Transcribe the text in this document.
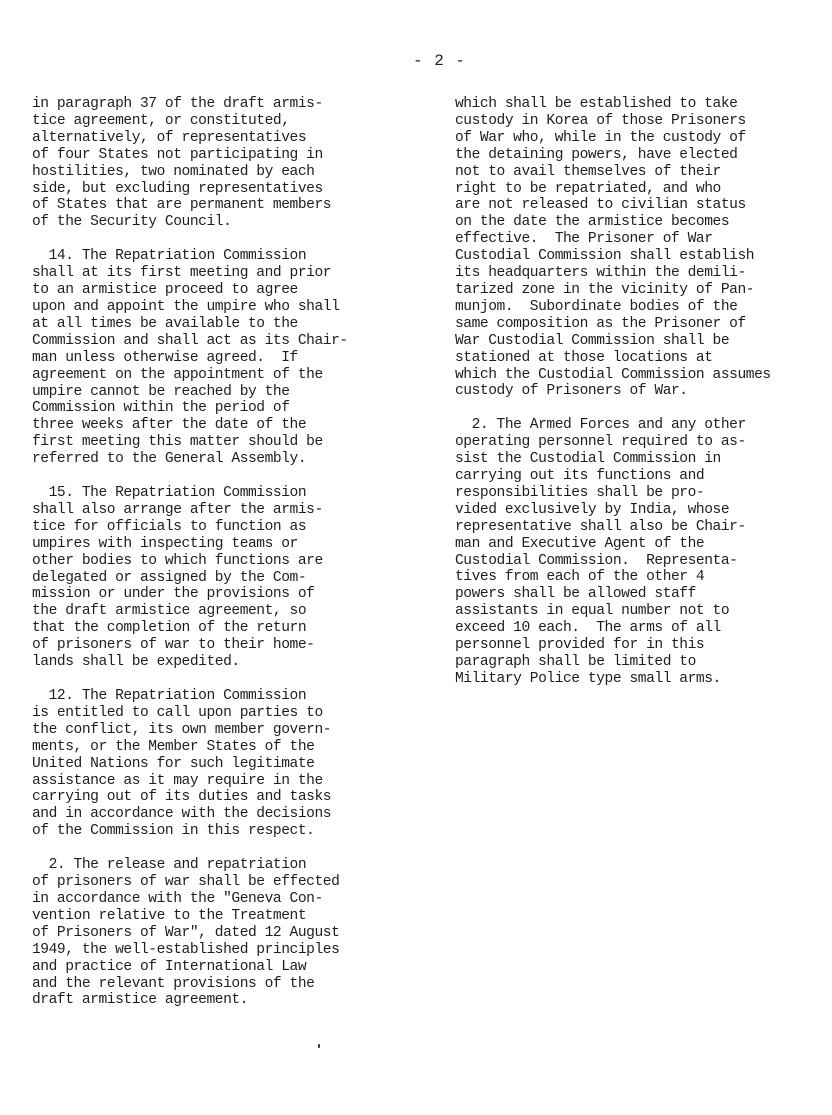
- 2 -

in paragraph 37 of the draft armis-
tice agreement, or constituted,
alternatively, of representatives
of four States not participating in
hostilities, two nominated by each
side, but excluding representatives
of States that are permanent members
of the Security Council.

14. The Repatriation Commission
shall at its first meeting and prior
to an armistice proceed to agree
upon and appoint the umpire who shall
at all times be available to the
Commission and shall act as its Chair-
man unless otherwise agreed.  If
agreement on the appointment of the
umpire cannot be reached by the
Commission within the period of
three weeks after the date of the
first meeting this matter should be
referred to the General Assembly.

15. The Repatriation Commission
shall also arrange after the armis-
tice for officials to function as
umpires with inspecting teams or
other bodies to which functions are
delegated or assigned by the Com-
mission or under the provisions of
the draft armistice agreement, so
that the completion of the return
of prisoners of war to their home-
lands shall be expedited.

12. The Repatriation Commission
is entitled to call upon parties to
the conflict, its own member govern-
ments, or the Member States of the
United Nations for such legitimate
assistance as it may require in the
carrying out of its duties and tasks
and in accordance with the decisions
of the Commission in this respect.

2. The release and repatriation
of prisoners of war shall be effected
in accordance with the "Geneva Con-
vention relative to the Treatment
of Prisoners of War", dated 12 August
1949, the well-established principles
and practice of International Law
and the relevant provisions of the
draft armistice agreement.

which shall be established to take
custody in Korea of those Prisoners
of War who, while in the custody of
the detaining powers, have elected
not to avail themselves of their
right to be repatriated, and who
are not released to civilian status
on the date the armistice becomes
effective.  The Prisoner of War
Custodial Commission shall establish
its headquarters within the demili-
tarized zone in the vicinity of Pan-
munjom.  Subordinate bodies of the
same composition as the Prisoner of
War Custodial Commission shall be
stationed at those locations at
which the Custodial Commission assumes
custody of Prisoners of War.

2. The Armed Forces and any other
operating personnel required to as-
sist the Custodial Commission in
carrying out its functions and
responsibilities shall be pro-
vided exclusively by India, whose
representative shall also be Chair-
man and Executive Agent of the
Custodial Commission.  Representa-
tives from each of the other 4
powers shall be allowed staff
assistants in equal number not to
exceed 10 each.  The arms of all
personnel provided for in this
paragraph shall be limited to
Military Police type small arms.
